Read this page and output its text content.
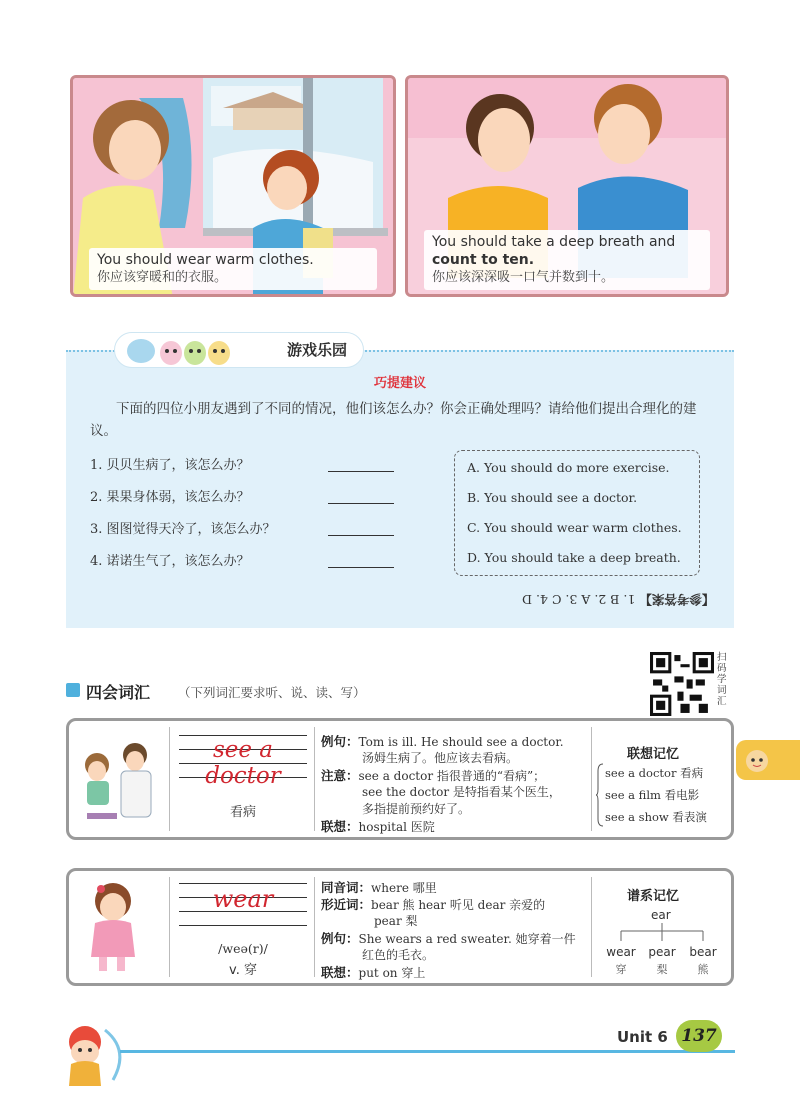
You should wear warm clothes.
你应该穿暖和的衣服。
You should take a deep breath and
count to ten.
你应该深深吸一口气并数到十。
游戏乐园
巧提建议
下面的四位小朋友遇到了不同的情况，他们该怎么办？你会正确处理吗？请给他们提出合理化的建议。
1. 贝贝生病了，该怎么办？
2. 果果身体弱，该怎么办？
3. 图图觉得天冷了，该怎么办？
4. 诺诺生气了，该怎么办？
A. You should do more exercise.
B. You should see a doctor.
C. You should wear warm clothes.
D. You should take a deep breath.
【参考答案】 1. B 2. A 3. C 4. D
四会词汇 （下列词汇要求听、说、读、写）
扫码学词汇
see a doctor
看病
例句：Tom is ill. He should see a doctor.
汤姆生病了。他应该去看病。
注意：see a doctor 指很普通的“看病”；
see the doctor 是特指看某个医生，
多指提前预约好了。
联想：hospital 医院
联想记忆
see a doctor 看病
see a film 看电影
see a show 看表演
wear
/weə(r)/
v. 穿
同音词：where 哪里
形近词：bear 熊 hear 听见 dear 亲爱的
pear 梨
例句：She wears a red sweater. 她穿着一件
红色的毛衣。
联想：put on 穿上
谱系记忆
ear
wear	pear	bear
穿	梨	熊
Unit 6 137
